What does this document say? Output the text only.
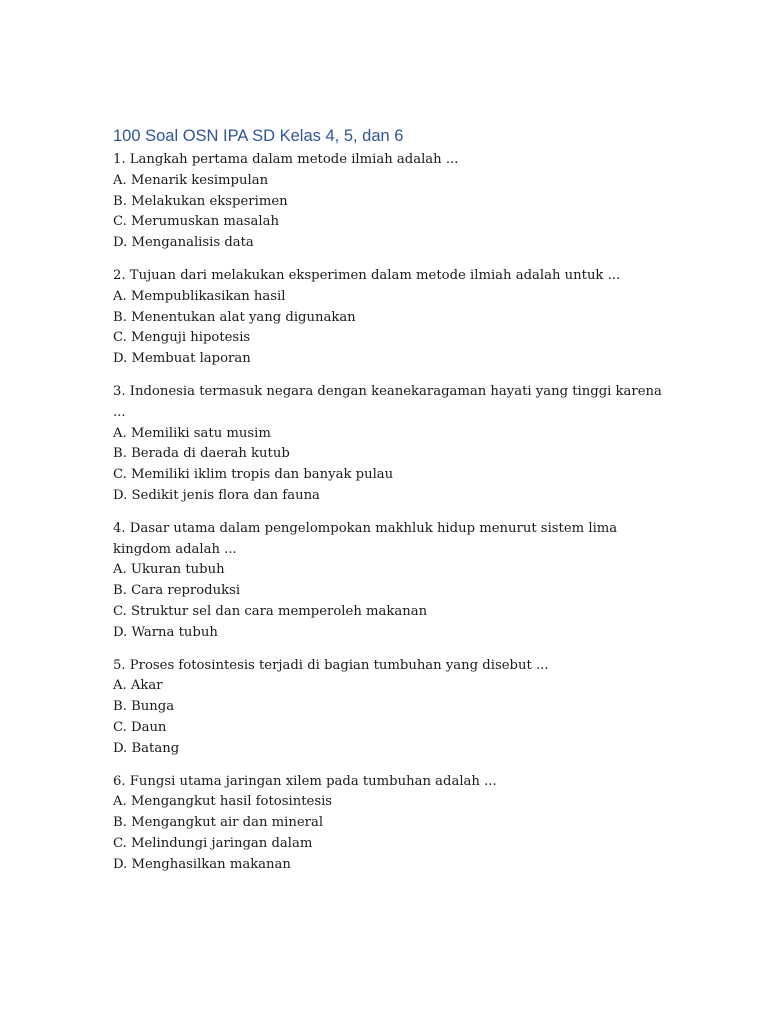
100 Soal OSN IPA SD Kelas 4, 5, dan 6

1. Langkah pertama dalam metode ilmiah adalah ...

A. Menarik kesimpulan

B. Melakukan eksperimen

C. Merumuskan masalah

D. Menganalisis data

2. Tujuan dari melakukan eksperimen dalam metode ilmiah adalah untuk ...

A. Mempublikasikan hasil

B. Menentukan alat yang digunakan

C. Menguji hipotesis

D. Membuat laporan

3. Indonesia termasuk negara dengan keanekaragaman hayati yang tinggi karena ...

A. Memiliki satu musim

B. Berada di daerah kutub

C. Memiliki iklim tropis dan banyak pulau

D. Sedikit jenis flora dan fauna

4. Dasar utama dalam pengelompokan makhluk hidup menurut sistem lima kingdom adalah ...

A. Ukuran tubuh

B. Cara reproduksi

C. Struktur sel dan cara memperoleh makanan

D. Warna tubuh

5. Proses fotosintesis terjadi di bagian tumbuhan yang disebut ...

A. Akar

B. Bunga

C. Daun

D. Batang

6. Fungsi utama jaringan xilem pada tumbuhan adalah ...

A. Mengangkut hasil fotosintesis

B. Mengangkut air dan mineral

C. Melindungi jaringan dalam

D. Menghasilkan makanan
